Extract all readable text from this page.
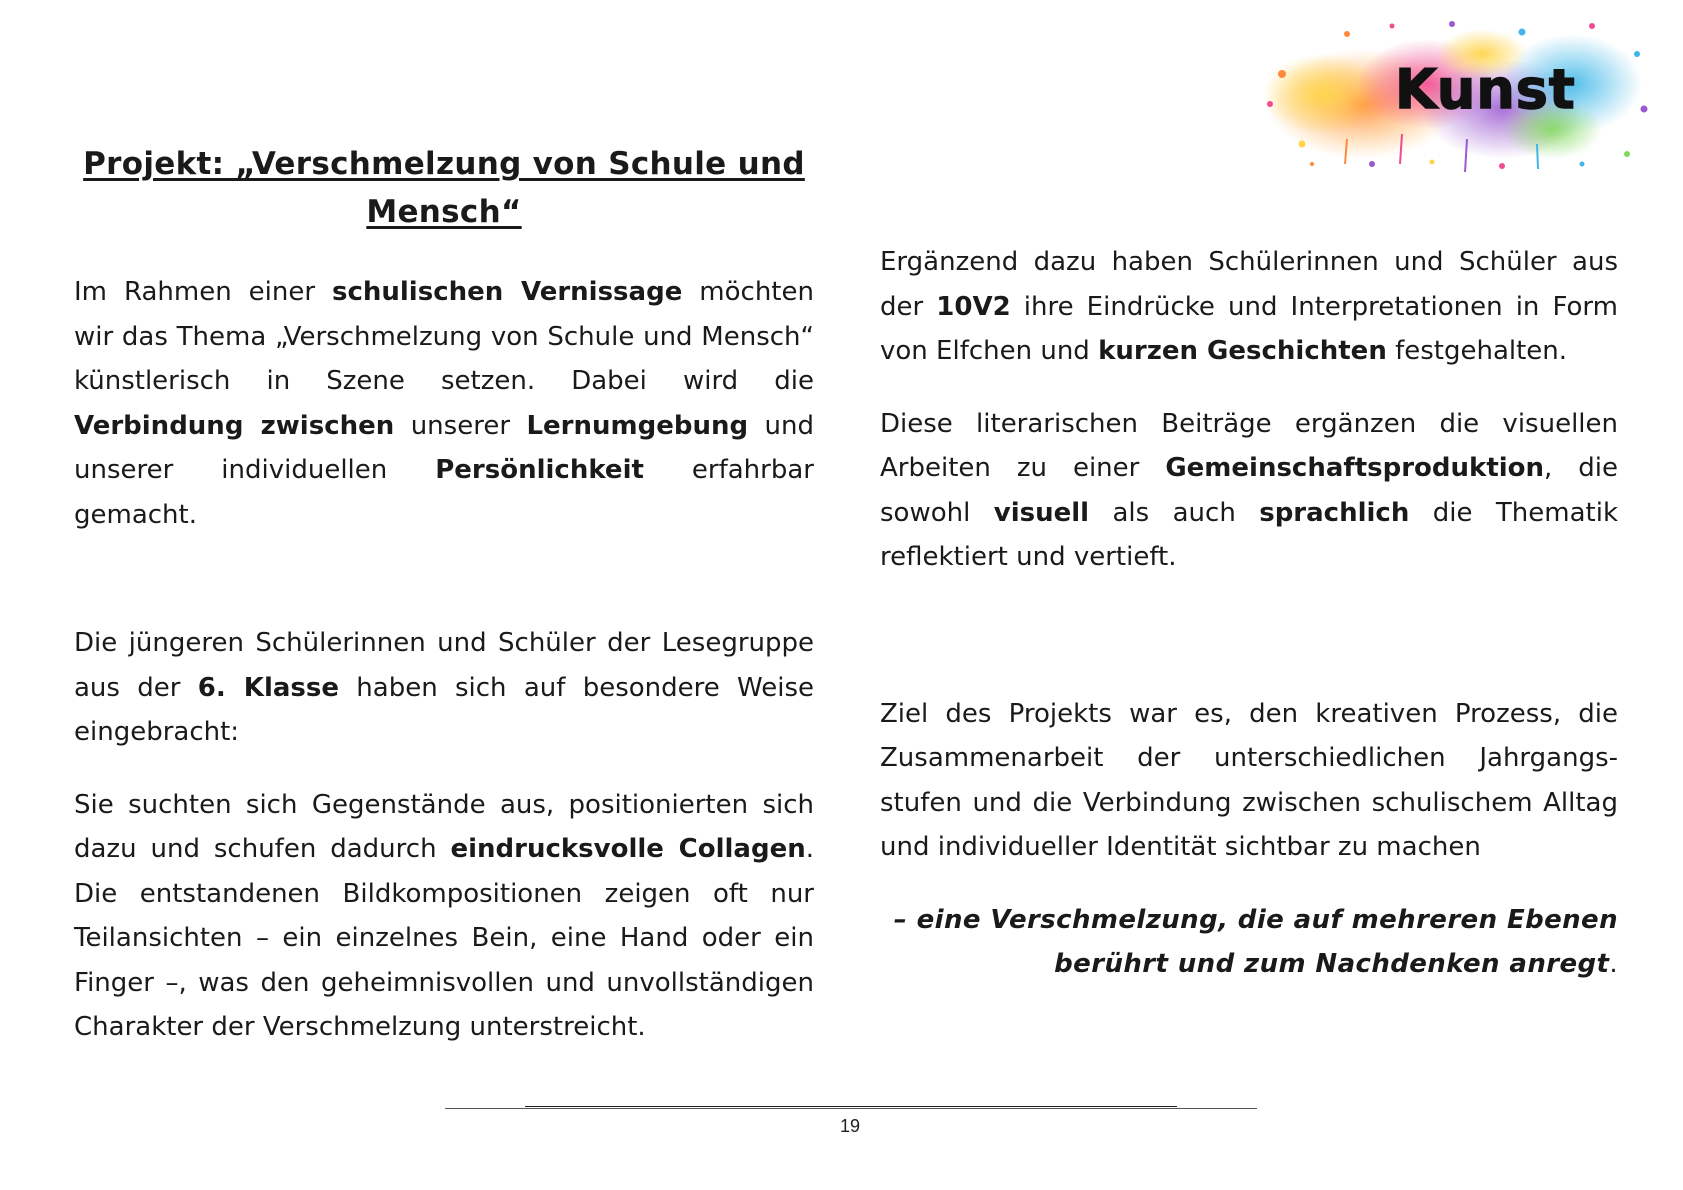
Kunst
Projekt: „Verschmelzung von Schule und
Mensch“

Im Rahmen einer schulischen Vernissage möchten wir das Thema „Verschmelzung von Schule und Mensch“ künstlerisch in Szene setzen. Dabei wird die Verbindung zwischen unserer Lernumgebung und unserer individuellen Persönlichkeit erfahrbar gemacht.

Die jüngeren Schülerinnen und Schüler der Lesegruppe aus der 6. Klasse haben sich auf besondere Weise eingebracht:

Sie suchten sich Gegenstände aus, positionierten sich dazu und schufen dadurch eindrucksvolle Collagen. Die entstandenen Bildkompositionen zeigen oft nur Teilansichten – ein einzelnes Bein, eine Hand oder ein Finger –, was den geheimnisvollen und unvollständigen Charakter der Verschmelzung unterstreicht.

Ergänzend dazu haben Schülerinnen und Schüler aus der 10V2 ihre Eindrücke und Interpretationen in Form von Elfchen und kurzen Geschichten festgehalten.

Diese literarischen Beiträge ergänzen die visuellen Arbeiten zu einer Gemeinschaftsproduktion, die sowohl visuell als auch sprachlich die Thematik reflektiert und vertieft.

Ziel des Projekts war es, den kreativen Prozess, die Zusammenarbeit der unterschiedlichen Jahrgangs-stufen und die Verbindung zwischen schulischem Alltag und individueller Identität sichtbar zu machen

– eine Verschmelzung, die auf mehreren Ebenen
berührt und zum Nachdenken anregt.

19
